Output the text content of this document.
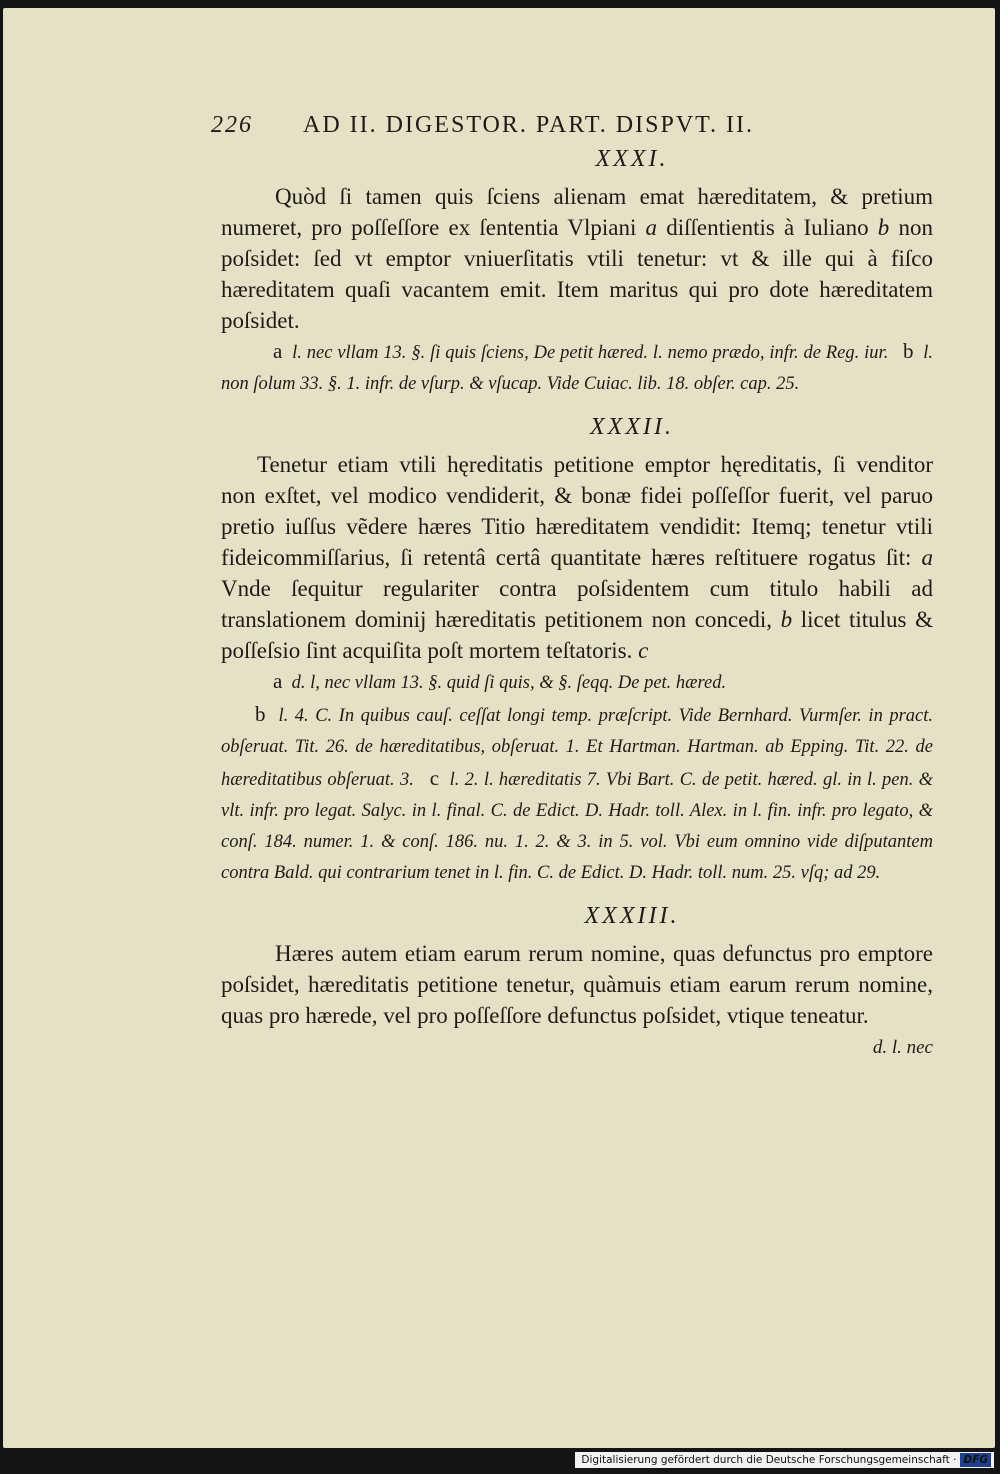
226 AD II. DIGESTOR. PART. DISPVT. II.
XXXI.

Quòd ſi tamen quis ſciens alienam emat hæreditatem, & pretium numeret, pro poſſeſſore ex ſententia Vlpiani a diſſentientis à Iuliano b non poſsidet: ſed vt emptor vniuerſitatis vtili tenetur: vt & ille qui à fiſco hæreditatem quaſi vacantem emit. Item maritus qui pro dote hæreditatem poſsidet.

a l. nec vllam 13. §. ſi quis ſciens, De petit hæred. l. nemo prædo, infr. de Reg. iur. b l. non ſolum 33. §. 1. infr. de vſurp. & vſucap. Vide Cuiac. lib. 18. obſer. cap. 25.
XXXII.

Tenetur etiam vtili hęreditatis petitione emptor hęreditatis, ſi venditor non exſtet, vel modico vendiderit, & bonæ fidei poſſeſſor fuerit, vel paruo pretio iuſſus vẽdere hæres Titio hæreditatem vendidit: Itemq; tenetur vtili fideicommiſſarius, ſi retentâ certâ quantitate hæres reſtituere rogatus ſit: a Vnde ſequitur regulariter contra poſsidentem cum titulo habili ad translationem dominij hæreditatis petitionem non concedi, b licet titulus & poſſeſsio ſint acquiſita poſt mortem teſtatoris. c

a d. l, nec vllam 13. §. quid ſi quis, & §. ſeqq. De pet. hæred.
b l. 4. C. In quibus cauſ. ceſſat longi temp. præſcript. Vide Bernhard. Vurmſer. in pract. obſeruat. Tit. 26. de hæreditatibus, obſeruat. 1. Et Hartman. Hartman. ab Epping. Tit. 22. de hæreditatibus obſeruat. 3. c l. 2. l. hæreditatis 7. Vbi Bart. C. de petit. hæred. gl. in l. pen. & vlt. infr. pro legat. Salyc. in l. final. C. de Edict. D. Hadr. toll. Alex. in l. fin. infr. pro legato, & conſ. 184. numer. 1. & conſ. 186. nu. 1. 2. & 3. in 5. vol. Vbi eum omnino vide diſputantem contra Bald. qui contrarium tenet in l. fin. C. de Edict. D. Hadr. toll. num. 25. vſq; ad 29.
XXXIII.

Hæres autem etiam earum rerum nomine, quas defunctus pro emptore poſsidet, hæreditatis petitione tenetur, quàmuis etiam earum rerum nomine, quas pro hærede, vel pro poſſeſſore defunctus poſsidet, vtique teneatur.

d. l. nec
Digitalisierung gefördert durch die Deutsche Forschungsgemeinschaft · DFG
